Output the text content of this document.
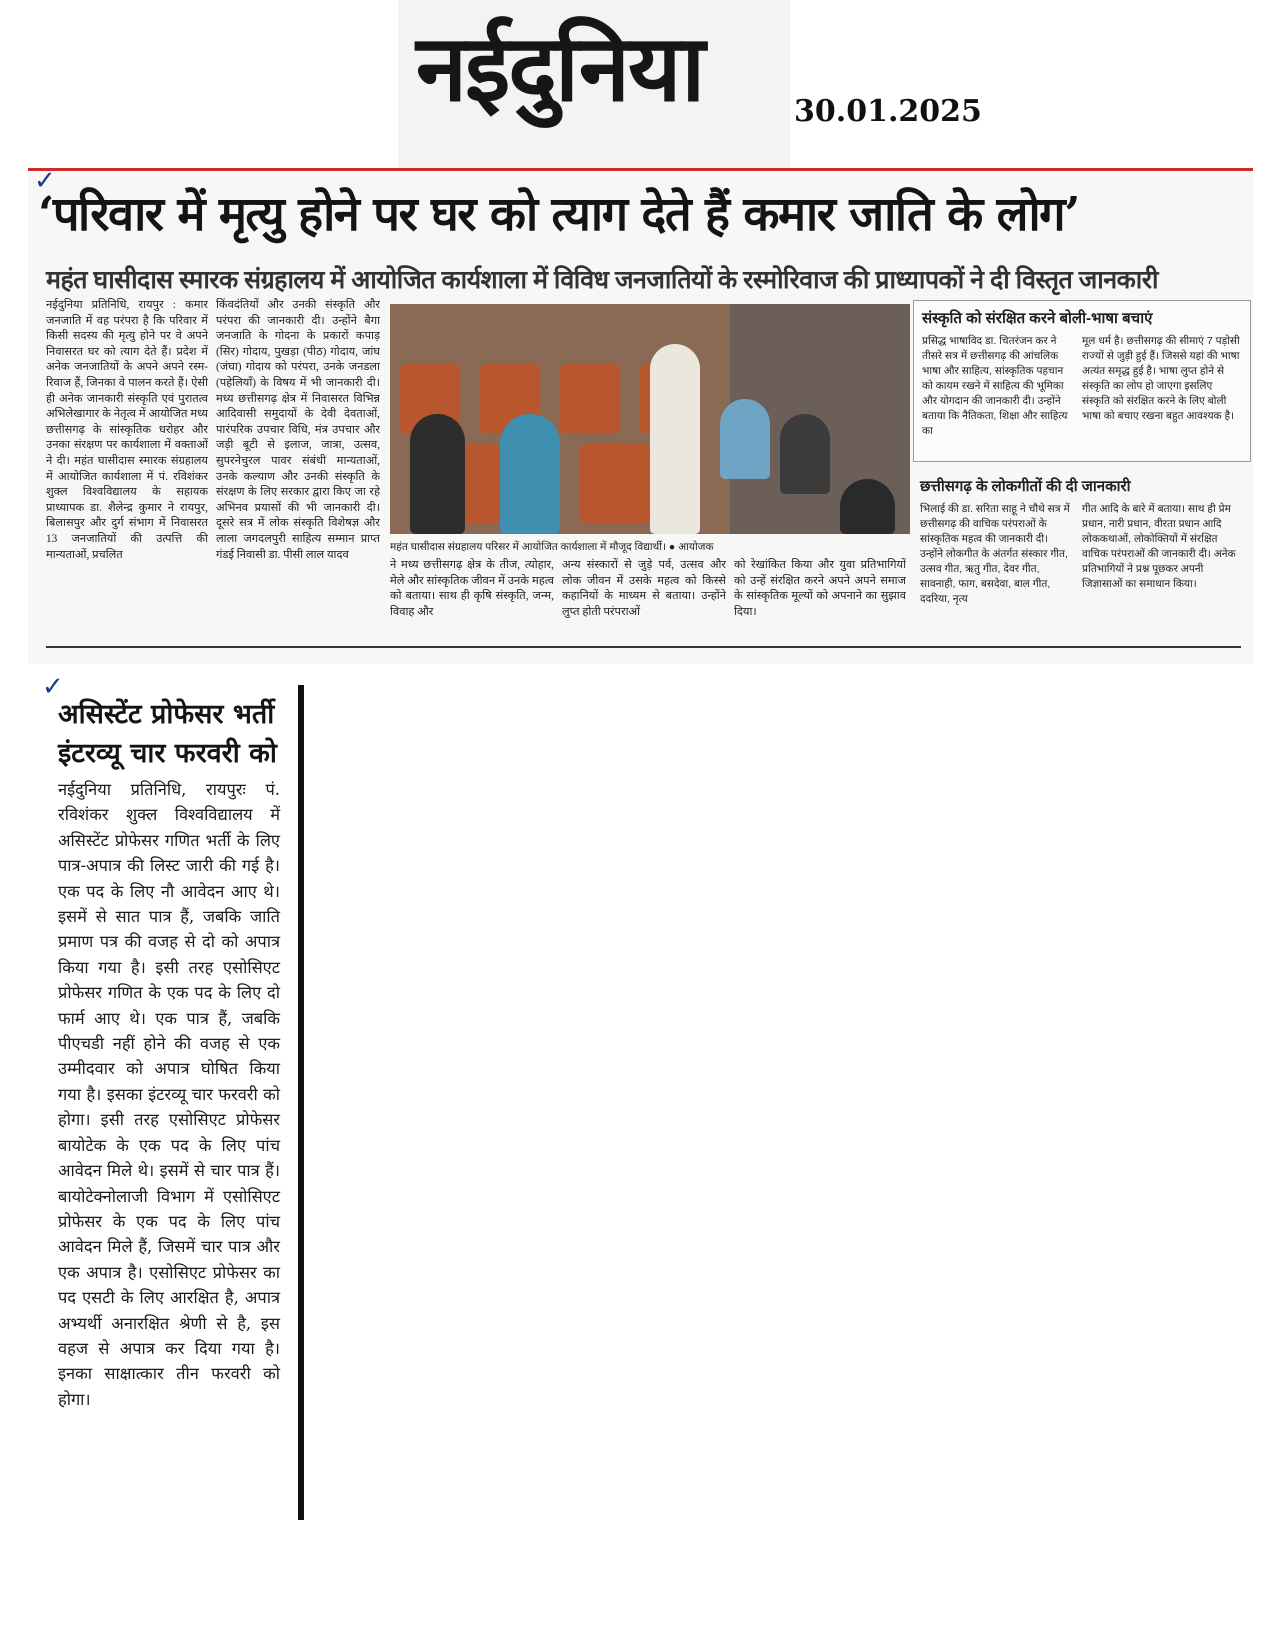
नईदुनिया	30.01.2025
✓
‘परिवार में मृत्यु होने पर घर को त्याग देते हैं कमार जाति के लोग’
महंत घासीदास स्मारक संग्रहालय में आयोजित कार्यशाला में विविध जनजातियों के रस्मोरिवाज की प्राध्यापकों ने दी विस्तृत जानकारी
नईदुनिया प्रतिनिधि, रायपुर : कमार जनजाति में वह परंपरा है कि परिवार में किसी सदस्य की मृत्यु होने पर वे अपने निवासरत घर को त्याग देते हैं। प्रदेश में अनेक जनजातियों के अपने अपने रस्म-रिवाज हैं, जिनका वे पालन करते हैं। ऐसी ही अनेक जानकारी संस्कृति एवं पुरातत्व अभिलेखागार के नेतृत्व में आयोजित मध्य छत्तीसगढ़ के सांस्कृतिक धरोहर और उनका संरक्षण पर कार्यशाला में वक्ताओं ने दी। महंत घासीदास स्मारक संग्रहालय में आयोजित कार्यशाला में पं. रविशंकर शुक्ल विश्वविद्यालय के सहायक प्राध्यापक डा. शैलेन्द्र कुमार ने रायपुर, बिलासपुर और दुर्ग संभाग में निवासरत 13 जनजातियों की उत्पत्ति की मान्यताओं, प्रचलित
किंवदंतियों और उनकी संस्कृति और परंपरा की जानकारी दी। उन्होंने बैगा जनजाति के गोदना के प्रकारों कपाड़ (सिर) गोदाय, पुखड़ा (पीठ) गोदाय, जांघ (जंघा) गोदाय को परंपरा, उनके जनडला (पहेलियाँ) के विषय में भी जानकारी दी। मध्य छत्तीसगढ़ क्षेत्र में निवासरत विभिन्न आदिवासी समुदायों के देवी देवताओं, पारंपरिक उपचार विधि, मंत्र उपचार और जड़ी बूटी से इलाज, जात्रा, उत्सव, सुपरनेचुरल पावर संबंधी मान्यताओं, उनके कल्याण और उनकी संस्कृति के संरक्षण के लिए सरकार द्वारा किए जा रहे अभिनव प्रयासों की भी जानकारी दी। दूसरे सत्र में लोक संस्कृति विशेषज्ञ और लाला जगदलपुरी साहित्य सम्मान प्राप्त गंडई निवासी डा. पीसी लाल यादव
महंत घासीदास संग्रहालय परिसर में आयोजित कार्यशाला में मौजूद विद्यार्थी। ● आयोजक
ने मध्य छत्तीसगढ़ क्षेत्र के तीज, त्योहार, मेले और सांस्कृतिक जीवन में उनके महत्व को बताया। साथ ही कृषि संस्कृति, जन्म, विवाह और
अन्य संस्कारों से जुड़े पर्व, उत्सव और लोक जीवन में उसके महत्व को किस्से कहानियों के माध्यम से बताया। उन्होंने लुप्त होती परंपराओं
को रेखांकित किया और युवा प्रतिभागियों को उन्हें संरक्षित करने अपने अपने समाज के सांस्कृतिक मूल्यों को अपनाने का सुझाव दिया।
संस्कृति को संरक्षित करने बोली-भाषा बचाएं
प्रसिद्ध भाषाविद डा. चितरंजन कर ने तीसरे सत्र में छत्तीसगढ़ की आंचलिक भाषा और साहित्य, सांस्कृतिक पहचान को कायम रखने में साहित्य की भूमिका और योगदान की जानकारी दी। उन्होंने बताया कि नैतिकता, शिक्षा और साहित्य का
मूल धर्म है। छत्तीसगढ़ की सीमाएं 7 पड़ोसी राज्यों से जुड़ी हुई हैं। जिससे यहां की भाषा अत्यंत समृद्ध हुई है। भाषा लुप्त होने से संस्कृति का लोप हो जाएगा इसलिए संस्कृति को संरक्षित करने के लिए बोली भाषा को बचाए रखना बहुत आवश्यक है।
छत्तीसगढ़ के लोकगीतों की दी जानकारी
भिलाई की डा. सरिता साहू ने चौथे सत्र में छत्तीसगढ़ की वाचिक परंपराओं के सांस्कृतिक महत्व की जानकारी दी। उन्होंने लोकगीत के अंतर्गत संस्कार गीत, उत्सव गीत, ऋतु गीत, देवर गीत, सावनाही, फाग, बसदेवा, बाल गीत, ददरिया, नृत्य
गीत आदि के बारे में बताया। साथ ही प्रेम प्रधान, नारी प्रधान, वीरता प्रधान आदि लोककथाओं, लोकोक्तियों में संरक्षित वाचिक परंपराओं की जानकारी दी। अनेक प्रतिभागियों ने प्रश्न पूछकर अपनी जिज्ञासाओं का समाधान किया।
✓
असिस्टेंट प्रोफेसर भर्ती
इंटरव्यू चार फरवरी को
नईदुनिया प्रतिनिधि, रायपुरः पं. रविशंकर शुक्ल विश्वविद्यालय में असिस्टेंट प्रोफेसर गणित भर्ती के लिए पात्र-अपात्र की लिस्ट जारी की गई है। एक पद के लिए नौ आवेदन आए थे। इसमें से सात पात्र हैं, जबकि जाति प्रमाण पत्र की वजह से दो को अपात्र किया गया है। इसी तरह एसोसिएट प्रोफेसर गणित के एक पद के लिए दो फार्म आए थे। एक पात्र हैं, जबकि पीएचडी नहीं होने की वजह से एक उम्मीदवार को अपात्र घोषित किया गया है। इसका इंटरव्यू चार फरवरी को होगा। इसी तरह एसोसिएट प्रोफेसर बायोटेक के एक पद के लिए पांच आवेदन मिले थे। इसमें से चार पात्र हैं। बायोटेक्नोलाजी विभाग में एसोसिएट प्रोफेसर के एक पद के लिए पांच आवेदन मिले हैं, जिसमें चार पात्र और एक अपात्र है। एसोसिएट प्रोफेसर का पद एसटी के लिए आरक्षित है, अपात्र अभ्यर्थी अनारक्षित श्रेणी से है, इस वहज से अपात्र कर दिया गया है। इनका साक्षात्कार तीन फरवरी को होगा।
